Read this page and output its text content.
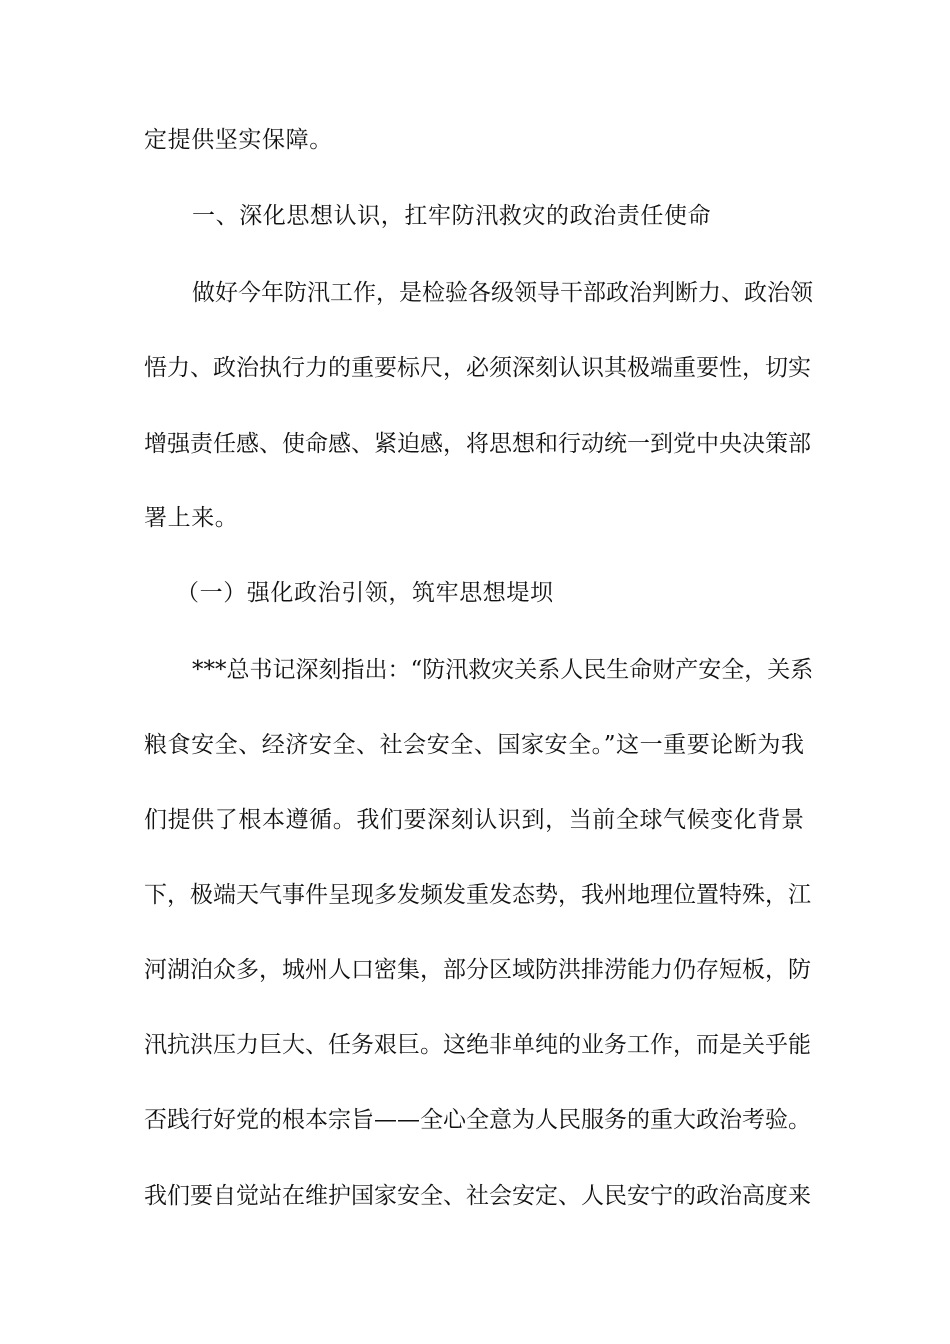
定提供坚实保障。
一、深化思想认识，扛牢防汛救灾的政治责任使命
做好今年防汛工作，是检验各级领导干部政治判断力、政治领
悟力、政治执行力的重要标尺，必须深刻认识其极端重要性，切实
增强责任感、使命感、紧迫感，将思想和行动统一到党中央决策部
署上来。
（一）强化政治引领，筑牢思想堤坝
***总书记深刻指出：“防汛救灾关系人民生命财产安全，关系
粮食安全、经济安全、社会安全、国家安全。”这一重要论断为我
们提供了根本遵循。我们要深刻认识到，当前全球气候变化背景
下，极端天气事件呈现多发频发重发态势，我州地理位置特殊，江
河湖泊众多，城州人口密集，部分区域防洪排涝能力仍存短板，防
汛抗洪压力巨大、任务艰巨。这绝非单纯的业务工作，而是关乎能
否践行好党的根本宗旨——全心全意为人民服务的重大政治考验。
我们要自觉站在维护国家安全、社会安定、人民安宁的政治高度来
